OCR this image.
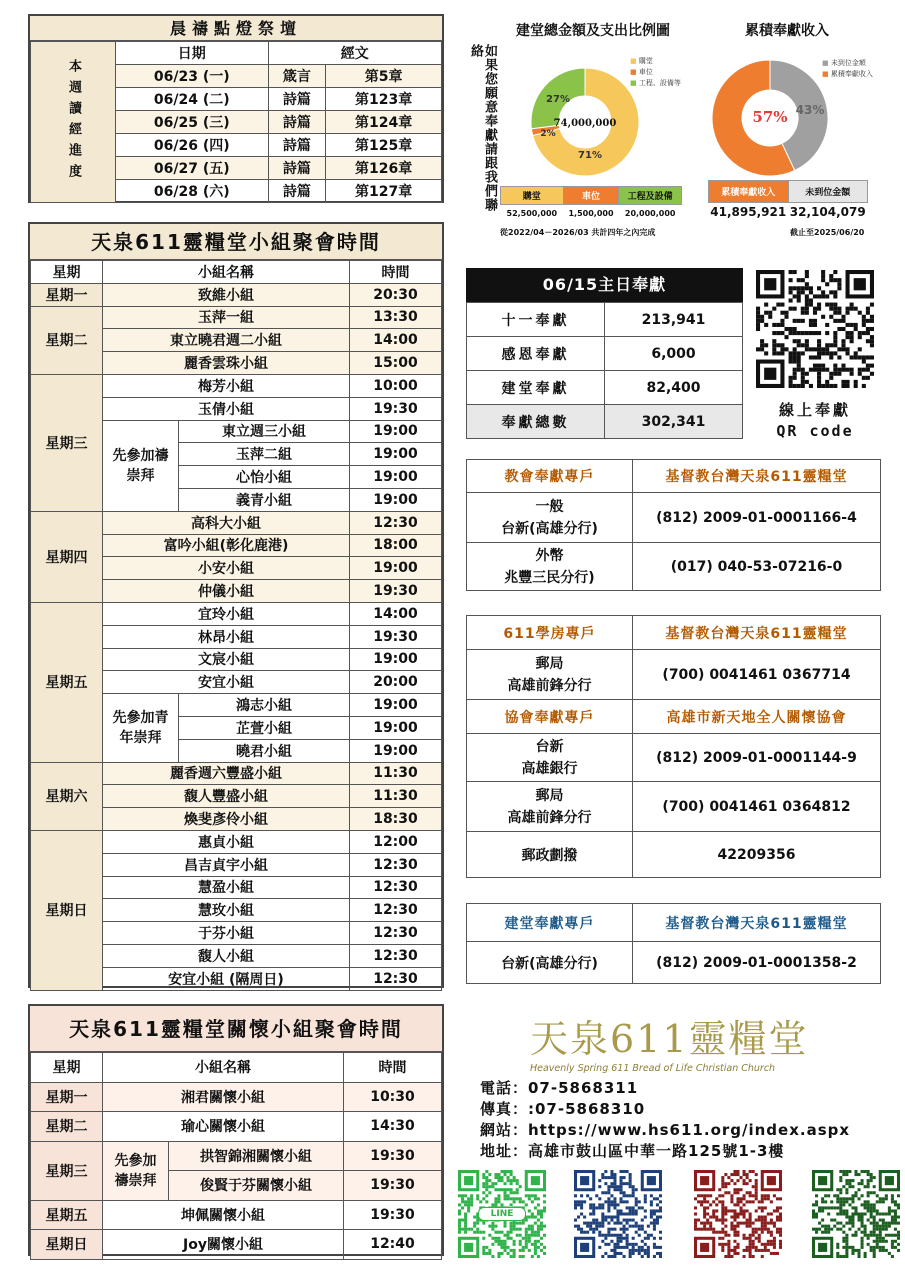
晨禱點燈祭壇
本週讀經進度	日期	經文	
	06/23 (一)	箴言	第5章
	06/24 (二)	詩篇	第123章
	06/25 (三)	詩篇	第124章
	06/26 (四)	詩篇	第125章
	06/27 (五)	詩篇	第126章
	06/28 (六)	詩篇	第127章
天泉611靈糧堂小組聚會時間
星期	小組名稱		時間
星期一	致維小組		20:30
星期二	玉萍一組		13:30
	東立曉君週二小組		14:00
	麗香雲珠小組		15:00
星期三	梅芳小組		10:00
	玉倩小組		19:30

	先參加禱崇拜	東立週三小組	19:00
		玉萍二組	19:00
		心怡小組	19:00
		義青小組	19:00
星期四	高科大小組		12:30
	富吟小組(彰化鹿港)		18:00
	小安小組		19:00
	仲儀小組		19:30
星期五	宜玲小組		14:00
	林昂小組		19:30
	文宸小組		19:00
	安宜小組		20:00

	先參加青年崇拜	鴻志小組	19:00
		芷萱小組	19:00
		曉君小組	19:00
星期六	麗香週六豐盛小組		11:30
	馥人豐盛小組		11:30
	煥斐彥伶小組		18:30
星期日	惠貞小組		12:00
	昌吉貞宇小組		12:30
	慧盈小組		12:30
	慧玫小組		12:30
	于芬小組		12:30
	馥人小組		12:30
	安宜小組 (隔周日)		12:30
天泉611靈糧堂關懷小組聚會時間
星期	小組名稱		時間
星期一	湘君關懷小組		10:30
星期二	瑜心關懷小組		14:30
星期三	先參加禱崇拜	拱智錦湘關懷小組	19:30
		俊賢于芬關懷小組	19:30
星期五	坤佩關懷小組		19:30
星期日	Joy關懷小組		12:40
如果您願意奉獻請跟我們聯絡
建堂總金額及支出比例圖
71%
2%
27%
74,000,000
■ 購堂
■ 車位
■ 工程、設備等
購堂	車位	工程及設備
52,500,000	1,500,000	20,000,000
從2022/04－2026/03 共計四年之內完成
累積奉獻收入
43%
57%
57%
■ 未到位金額
■ 累積奉獻收入
累積奉獻收入	未到位金額
41,895,921	32,104,079
截止至2025/06/20
06/15主日奉獻
十一奉獻	213,941
感恩奉獻	6,000
建堂奉獻	82,400
奉獻總數	302,341
線上奉獻
QR code
教會奉獻專戶	基督教台灣天泉611靈糧堂

一般
台新(高雄分行)	(812) 2009-01-0001166-4

外幣
兆豐三民分行)	(017) 040-53-07216-0
611學房專戶	基督教台灣天泉611靈糧堂

郵局
高雄前鋒分行	(700) 0041461 0367714
協會奉獻專戶	高雄市新天地全人關懷協會

台新
高雄銀行	(812) 2009-01-0001144-9

郵局
高雄前鋒分行	(700) 0041461 0364812
郵政劃撥	42209356
建堂奉獻專戶	基督教台灣天泉611靈糧堂
台新(高雄分行)	(812) 2009-01-0001358-2
天泉611靈糧堂
Heavenly Spring 611 Bread of Life Christian Church
電話：07-5868311
傳真：:07-5868310
網站：https://www.hs611.org/index.aspx
地址：高雄市鼓山區中華一路125號1-3樓
LINE
